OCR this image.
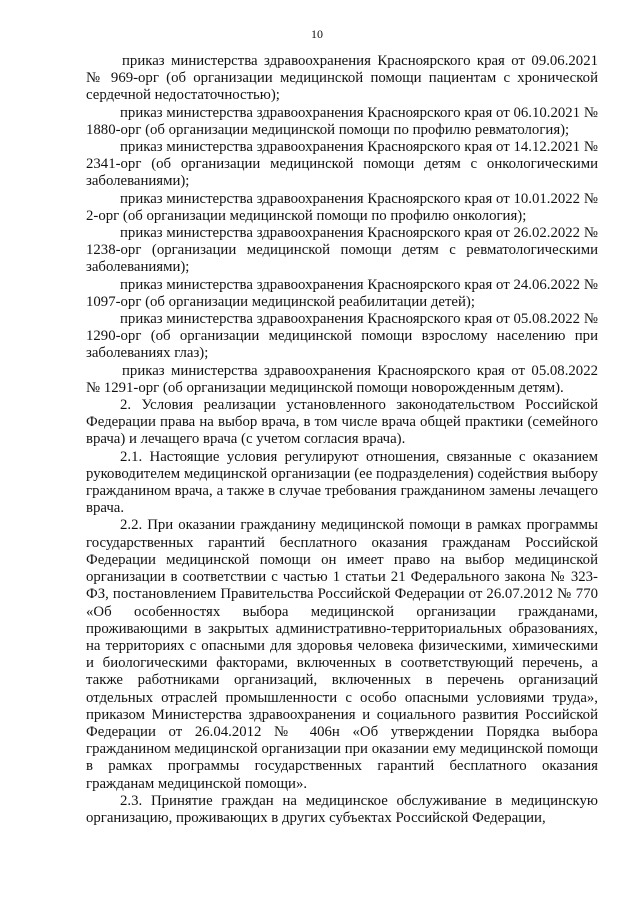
10

приказ министерства здравоохранения Красноярского края от 09.06.2021 № 969-орг (об организации медицинской помощи пациентам с хронической сердечной недостаточностью);

приказ министерства здравоохранения Красноярского края от 06.10.2021 № 1880-орг (об организации медицинской помощи по профилю ревматология);

приказ министерства здравоохранения Красноярского края от 14.12.2021 № 2341-орг (об организации медицинской помощи детям с онкологическими заболеваниями);

приказ министерства здравоохранения Красноярского края от 10.01.2022 № 2-орг (об организации медицинской помощи по профилю онкология);

приказ министерства здравоохранения Красноярского края от 26.02.2022 № 1238-орг (организации медицинской помощи детям с ревматологическими заболеваниями);

приказ министерства здравоохранения Красноярского края от 24.06.2022 № 1097-орг (об организации медицинской реабилитации детей);

приказ министерства здравоохранения Красноярского края от 05.08.2022 № 1290-орг (об организации медицинской помощи взрослому населению при заболеваниях глаз);

приказ министерства здравоохранения Красноярского края от 05.08.2022 № 1291-орг (об организации медицинской помощи новорожденным детям).

2. Условия реализации установленного законодательством Российской Федерации права на выбор врача, в том числе врача общей практики (семейного врача) и лечащего врача (с учетом согласия врача).

2.1. Настоящие условия регулируют отношения, связанные с оказанием руководителем медицинской организации (ее подразделения) содействия выбору гражданином врача, а также в случае требования гражданином замены лечащего врача.

2.2. При оказании гражданину медицинской помощи в рамках программы государственных гарантий бесплатного оказания гражданам Российской Федерации медицинской помощи он имеет право на выбор медицинской организации в соответствии с частью 1 статьи 21 Федерального закона № 323-ФЗ, постановлением Правительства Российской Федерации от 26.07.2012 № 770 «Об особенностях выбора медицинской организации гражданами, проживающими в закрытых административно-территориальных образованиях, на территориях с опасными для здоровья человека физическими, химическими и биологическими факторами, включенных в соответствующий перечень, а также работниками организаций, включенных в перечень организаций отдельных отраслей промышленности с особо опасными условиями труда», приказом Министерства здравоохранения и социального развития Российской Федерации от 26.04.2012 № 406н «Об утверждении Порядка выбора гражданином медицинской организации при оказании ему медицинской помощи в рамках программы государственных гарантий бесплатного оказания гражданам медицинской помощи».

2.3. Принятие граждан на медицинское обслуживание в медицинскую организацию, проживающих в других субъектах Российской Федерации,
